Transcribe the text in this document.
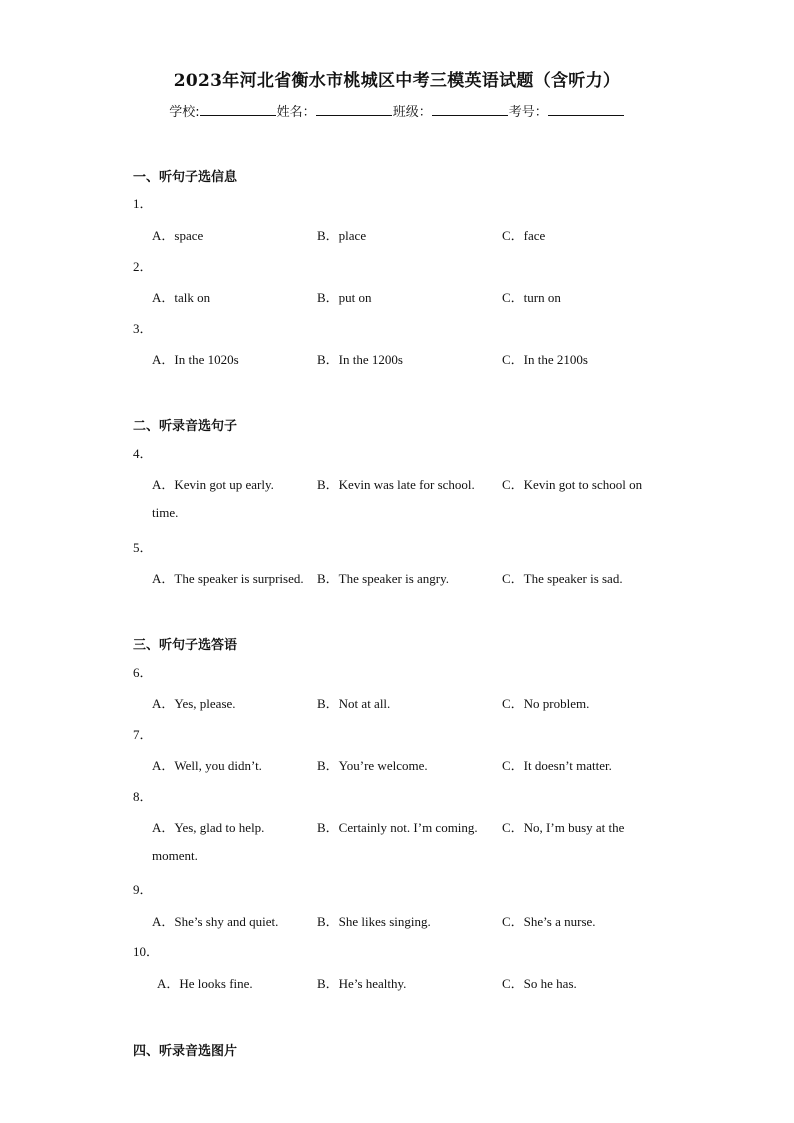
2023年河北省衡水市桃城区中考三模英语试题（含听力）
学校:	姓名：	班级：	考号：
一、听句子选信息
1．
A．space	B．place	C．face
2．
A．talk on	B．put on	C．turn on
3．
A．In the 1020s	B．In the 1200s	C．In the 2100s
二、听录音选句子
4．
A．Kevin got up early.	B．Kevin was late for school. C．Kevin got to school on
time.
5．
A．The speaker is surprised. B．The speaker is angry.	C．The speaker is sad.
三、听句子选答语
6．
A．Yes, please.	B．Not at all.	C．No problem.
7．
A．Well, you didn’t.	B．You’re welcome.	C．It doesn’t matter.
8．
A．Yes, glad to help.	B．Certainly not. I’m coming. C．No, I’m busy at the
moment.
9．
A．She’s shy and quiet.	B．She likes singing.	C．She’s a nurse.
10．
A．He looks fine.	B．He’s healthy.	C．So he has.
四、听录音选图片
